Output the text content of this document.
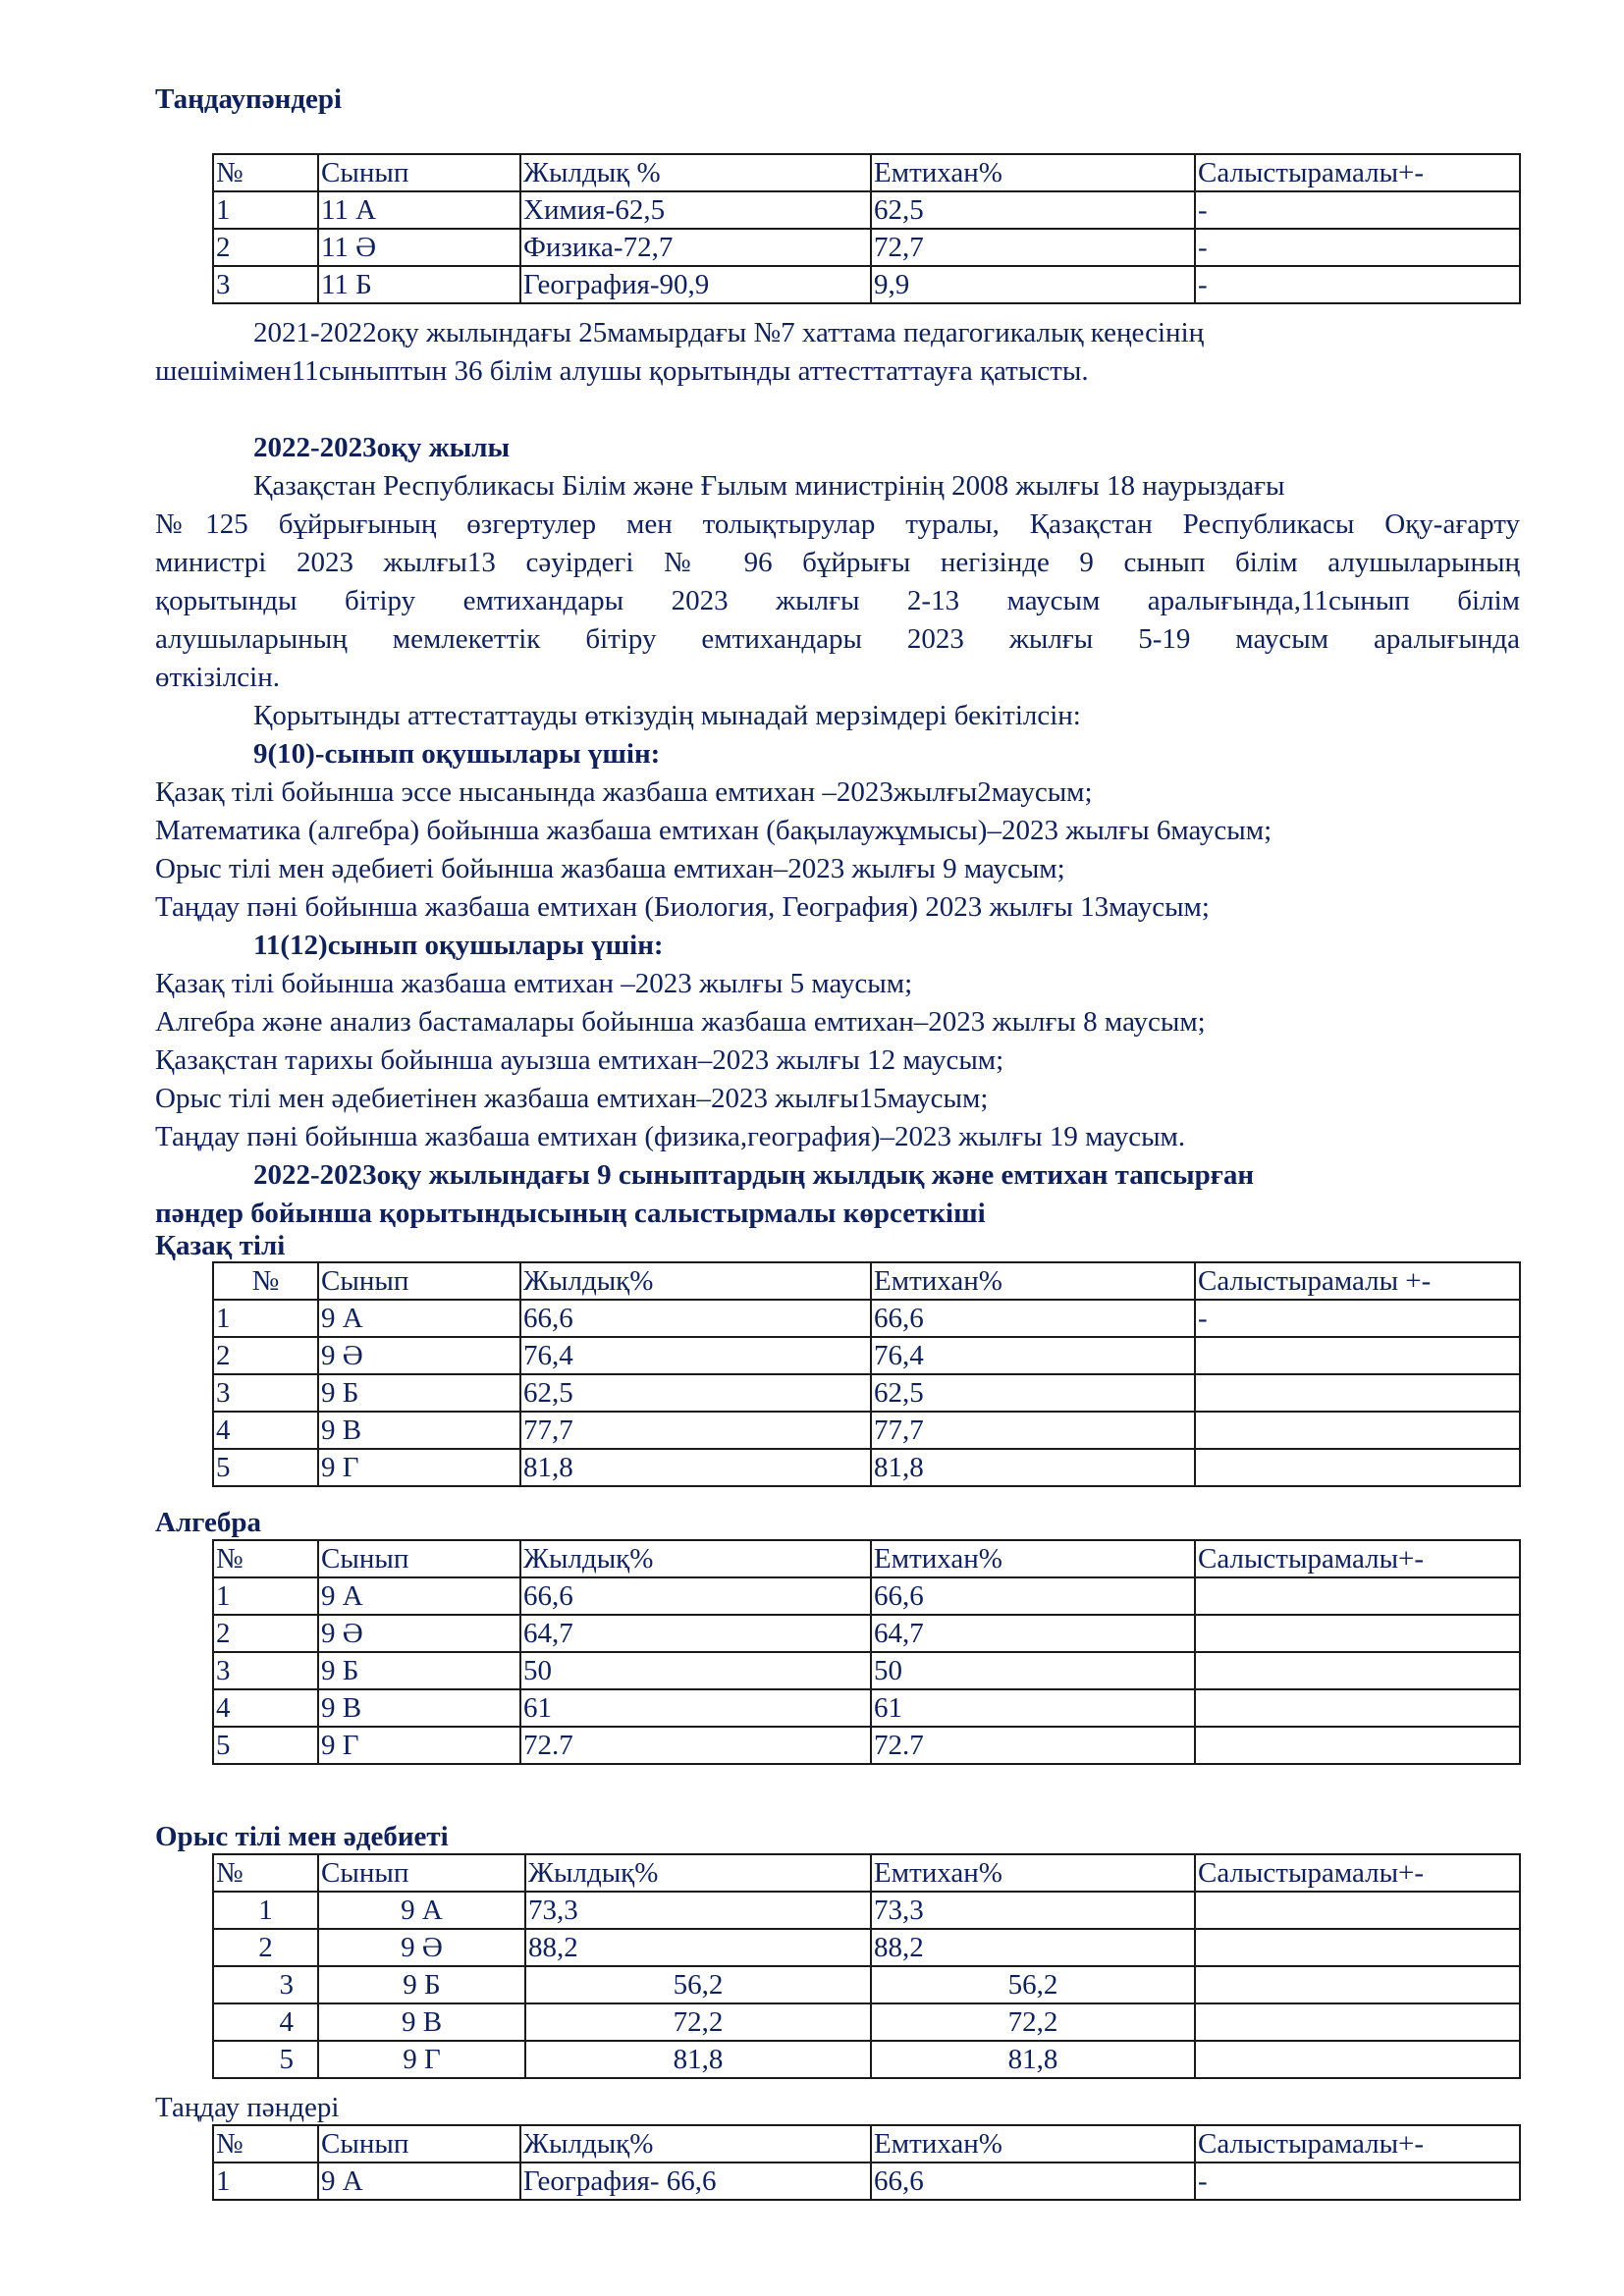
Таңдаупәндері
№	Сынып	Жылдық %	Емтихан%	Салыстырамалы+-
1	11 А	Химия-62,5	62,5	-
2	11 Ә	Физика-72,7	72,7	-
3	11 Б	География-90,9	9,9	-
2021-2022оқу жылындағы 25мамырдағы №7 хаттама педагогикалық кеңесінің
шешімімен11сыныптын 36 білім алушы қорытынды аттесттаттауға қатысты.
2022-2023оқу жылы
Қазақстан Республикасы Білім және Ғылым министрінің 2008 жылғы 18 наурыздағы
№125 бұйрығының өзгертулер мен толықтырулар туралы, Қазақстан Республикасы Оқу-ағарту
министрі 2023 жылғы13 сәуірдегі № 96 бұйрығы негізінде 9 сынып білім алушыларының
қорытынды бітіру емтихандары 2023 жылғы 2-13 маусым аралығында,11сынып білім
алушыларының мемлекеттік бітіру емтихандары 2023 жылғы 5-19 маусым аралығында
өткізілсін.
Қорытынды аттестаттауды өткізудің мынадай мерзімдері бекітілсін:
9(10)-сынып оқушылары үшін:
Қазақ тілі бойынша эссе нысанында жазбаша емтихан –2023жылғы2маусым;
Математика (алгебра) бойынша жазбаша емтихан (бақылаужұмысы)–2023 жылғы 6маусым;
Орыс тілі мен әдебиеті бойынша жазбаша емтихан–2023 жылғы 9 маусым;
Таңдау пәні бойынша жазбаша емтихан (Биология, География) 2023 жылғы 13маусым;
11(12)сынып оқушылары үшін:
Қазақ тілі бойынша жазбаша емтихан –2023 жылғы 5 маусым;
Алгебра және анализ бастамалары бойынша жазбаша емтихан–2023 жылғы 8 маусым;
Қазақстан тарихы бойынша ауызша емтихан–2023 жылғы 12 маусым;
Орыс тілі мен әдебиетінен жазбаша емтихан–2023 жылғы15маусым;
Таңдау пәні бойынша жазбаша емтихан (физика,география)–2023 жылғы 19 маусым.
2022-2023оқу жылындағы 9 сыныптардың жылдық және емтихан тапсырған
пәндер бойынша қорытындысының салыстырмалы көрсеткіші
Қазақ тілі
№	Сынып	Жылдық%	Емтихан%	Салыстырамалы +-
1	9 А	66,6	66,6	-
2	9 Ә	76,4	76,4	
3	9 Б	62,5	62,5	
4	9 В	77,7	77,7	
5	9 Г	81,8	81,8	
Алгебра
№	Сынып	Жылдық%	Емтихан%	Салыстырамалы+-
1	9 А	66,6	66,6	
2	9 Ә	64,7	64,7	
3	9 Б	50	50	
4	9 В	61	61	
5	9 Г	72.7	72.7	
Орыс тілі мен әдебиеті
№	Сынып	Жылдық%	Емтихан%	Салыстырамалы+-
1	9 А	73,3	73,3	
2	9 Ә	88,2	88,2	
3	9 Б	56,2	56,2	
4	9 В	72,2	72,2	
5	9 Г	81,8	81,8	
Таңдау пәндері
№	Сынып	Жылдық%	Емтихан%	Салыстырамалы+-
1	9 А	География- 66,6	66,6	-
